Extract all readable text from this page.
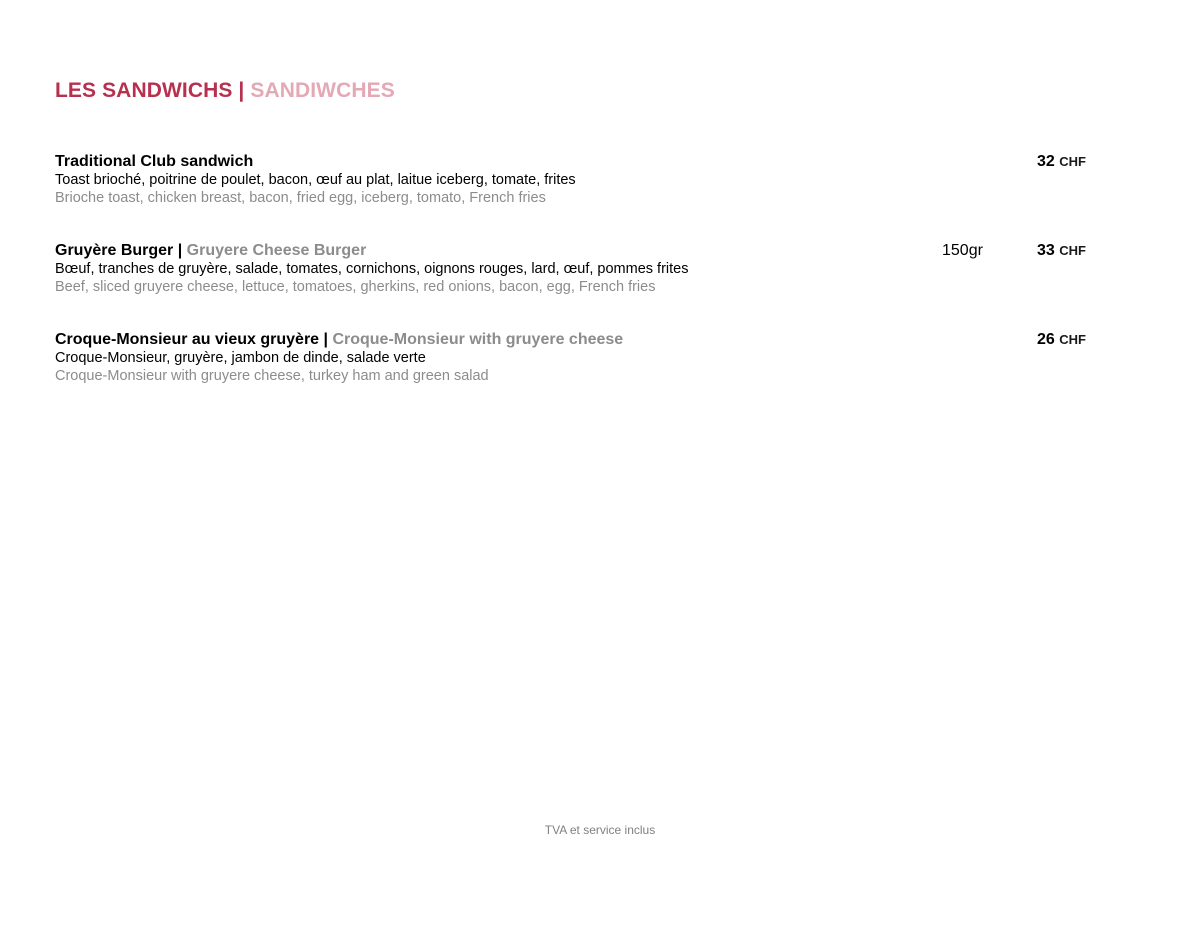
LES SANDWICHS | SANDIWCHES
Traditional Club sandwich
Toast brioché, poitrine de poulet, bacon, œuf au plat, laitue iceberg, tomate, frites
Brioche toast, chicken breast, bacon, fried egg, iceberg, tomato, French fries
32 CHF
Gruyère Burger | Gruyere Cheese Burger
Bœuf, tranches de gruyère, salade, tomates, cornichons, oignons rouges, lard, œuf, pommes frites
Beef, sliced gruyere cheese, lettuce, tomatoes, gherkins, red onions, bacon, egg, French fries
150gr	33 CHF
Croque-Monsieur au vieux gruyère | Croque-Monsieur with gruyere cheese
Croque-Monsieur, gruyère, jambon de dinde, salade verte
Croque-Monsieur with gruyere cheese, turkey ham and green salad
26 CHF
TVA et service inclus
